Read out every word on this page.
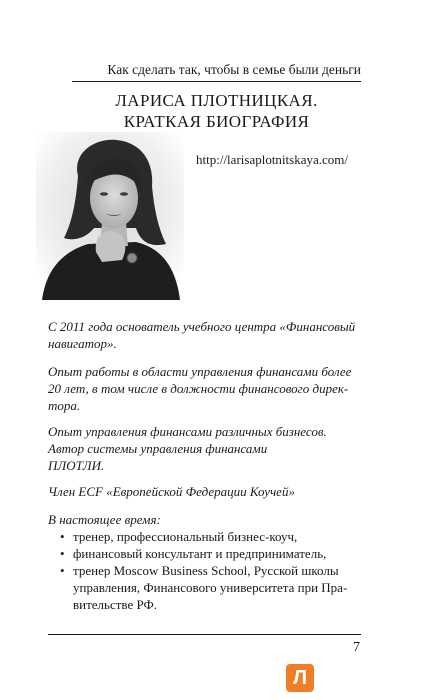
Как сделать так, чтобы в семье были деньги
ЛАРИСА ПЛОТНИЦКАЯ.
КРАТКАЯ БИОГРАФИЯ
http://larisaplotnitskaya.com/
С 2011 года основатель учебного центра «Финансовый
навигатор».
Опыт работы в области управления финансами более
20 лет, в том числе в должности финансового дирек-
тора.
Опыт управления финансами различных бизнесов.
Автор системы управления финансами
ПЛОТЛИ.
Член ECF «Европейской Федерации Коучей»
В настоящее время:
• тренер, профессиональный бизнес-коуч,
• финансовый консультант и предприниматель,
• тренер Moscow Business School, Русской школы
управления, Финансового университета при Пра-
вительстве РФ.
7
Л
